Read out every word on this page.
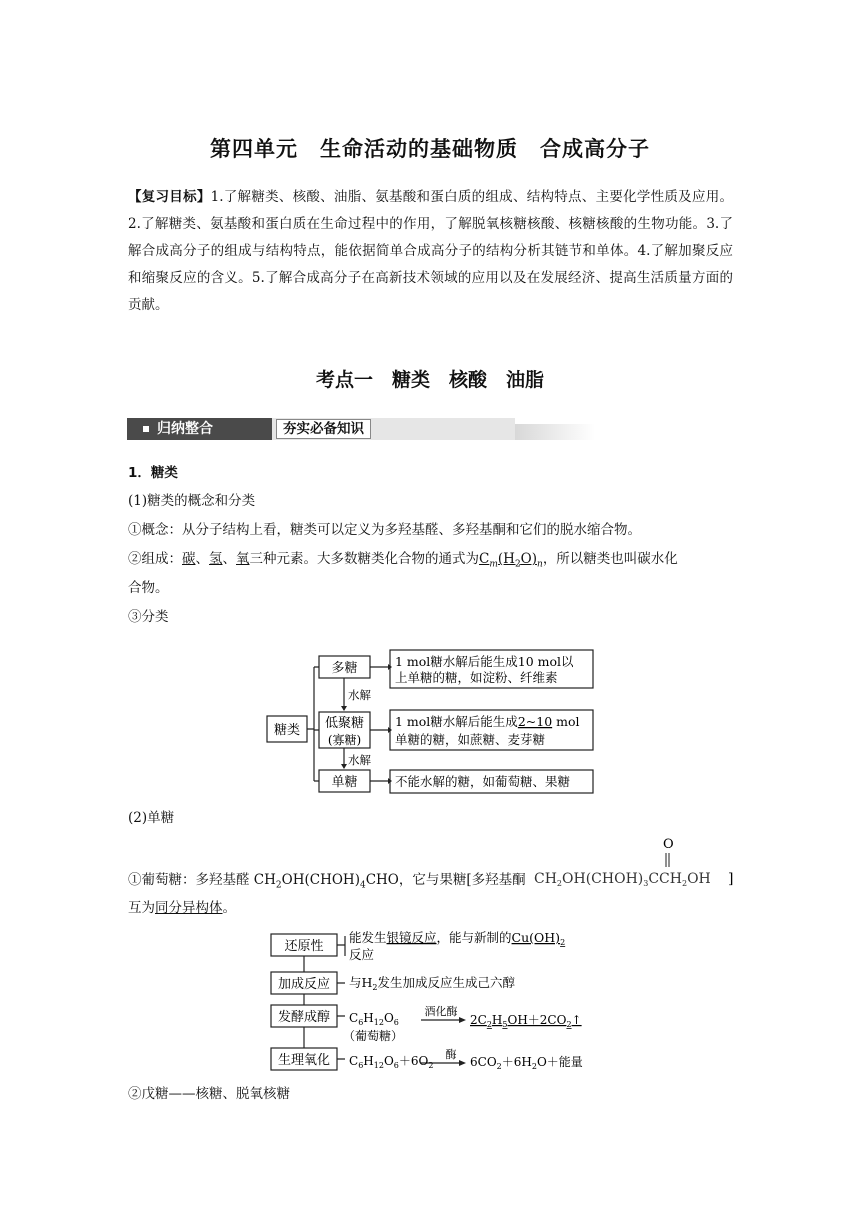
第四单元　生命活动的基础物质　合成高分子
【复习目标】1.了解糖类、核酸、油脂、氨基酸和蛋白质的组成、结构特点、主要化学性质及应用。2.了解糖类、氨基酸和蛋白质在生命过程中的作用，了解脱氧核糖核酸、核糖核酸的生物功能。3.了解合成高分子的组成与结构特点，能依据简单合成高分子的结构分析其链节和单体。4.了解加聚反应和缩聚反应的含义。5.了解合成高分子在高新技术领域的应用以及在发展经济、提高生活质量方面的贡献。
考点一　糖类　核酸　油脂
归纳整合	夯实必备知识
1．糖类
(1)糖类的概念和分类
①概念：从分子结构上看，糖类可以定义为多羟基醛、多羟基酮和它们的脱水缩合物。
②组成：碳、氢、氧三种元素。大多数糖类化合物的通式为$C_m(H_2O)_n$，所以糖类也叫碳水化
合物。
③分类
糖类
多糖
低聚糖
(寡糖)
单糖
水解
水解
1 mol糖水解后能生成10 mol以
上单糖的糖，如淀粉、纤维素
1 mol糖水解后能生成2~10 mol
单糖的糖，如蔗糖、麦芽糖
不能水解的糖，如葡萄糖、果糖
(2)单糖
①葡萄糖：多羟基醛 $CH_2OH(CHOH)_4CHO$，它与果糖[多羟基酮
O
$CH_2OH(CHOH)_3CCH_2OH$ ]
互为同分异构体。
还原性
加成反应
发酵成醇
生理氧化
能发生银镜反应，能与新制的$Cu(OH)_2$
反应
与$H_2$发生加成反应生成己六醇
$C_6H_{12}O_6$
（葡萄糖）
酒化酶
$2C_2H_5OH+2CO_2↑$
$C_6H_{12}O_6+6O_2$
酶
$6CO_2+6H_2O+$能量
②戊糖——核糖、脱氧核糖
